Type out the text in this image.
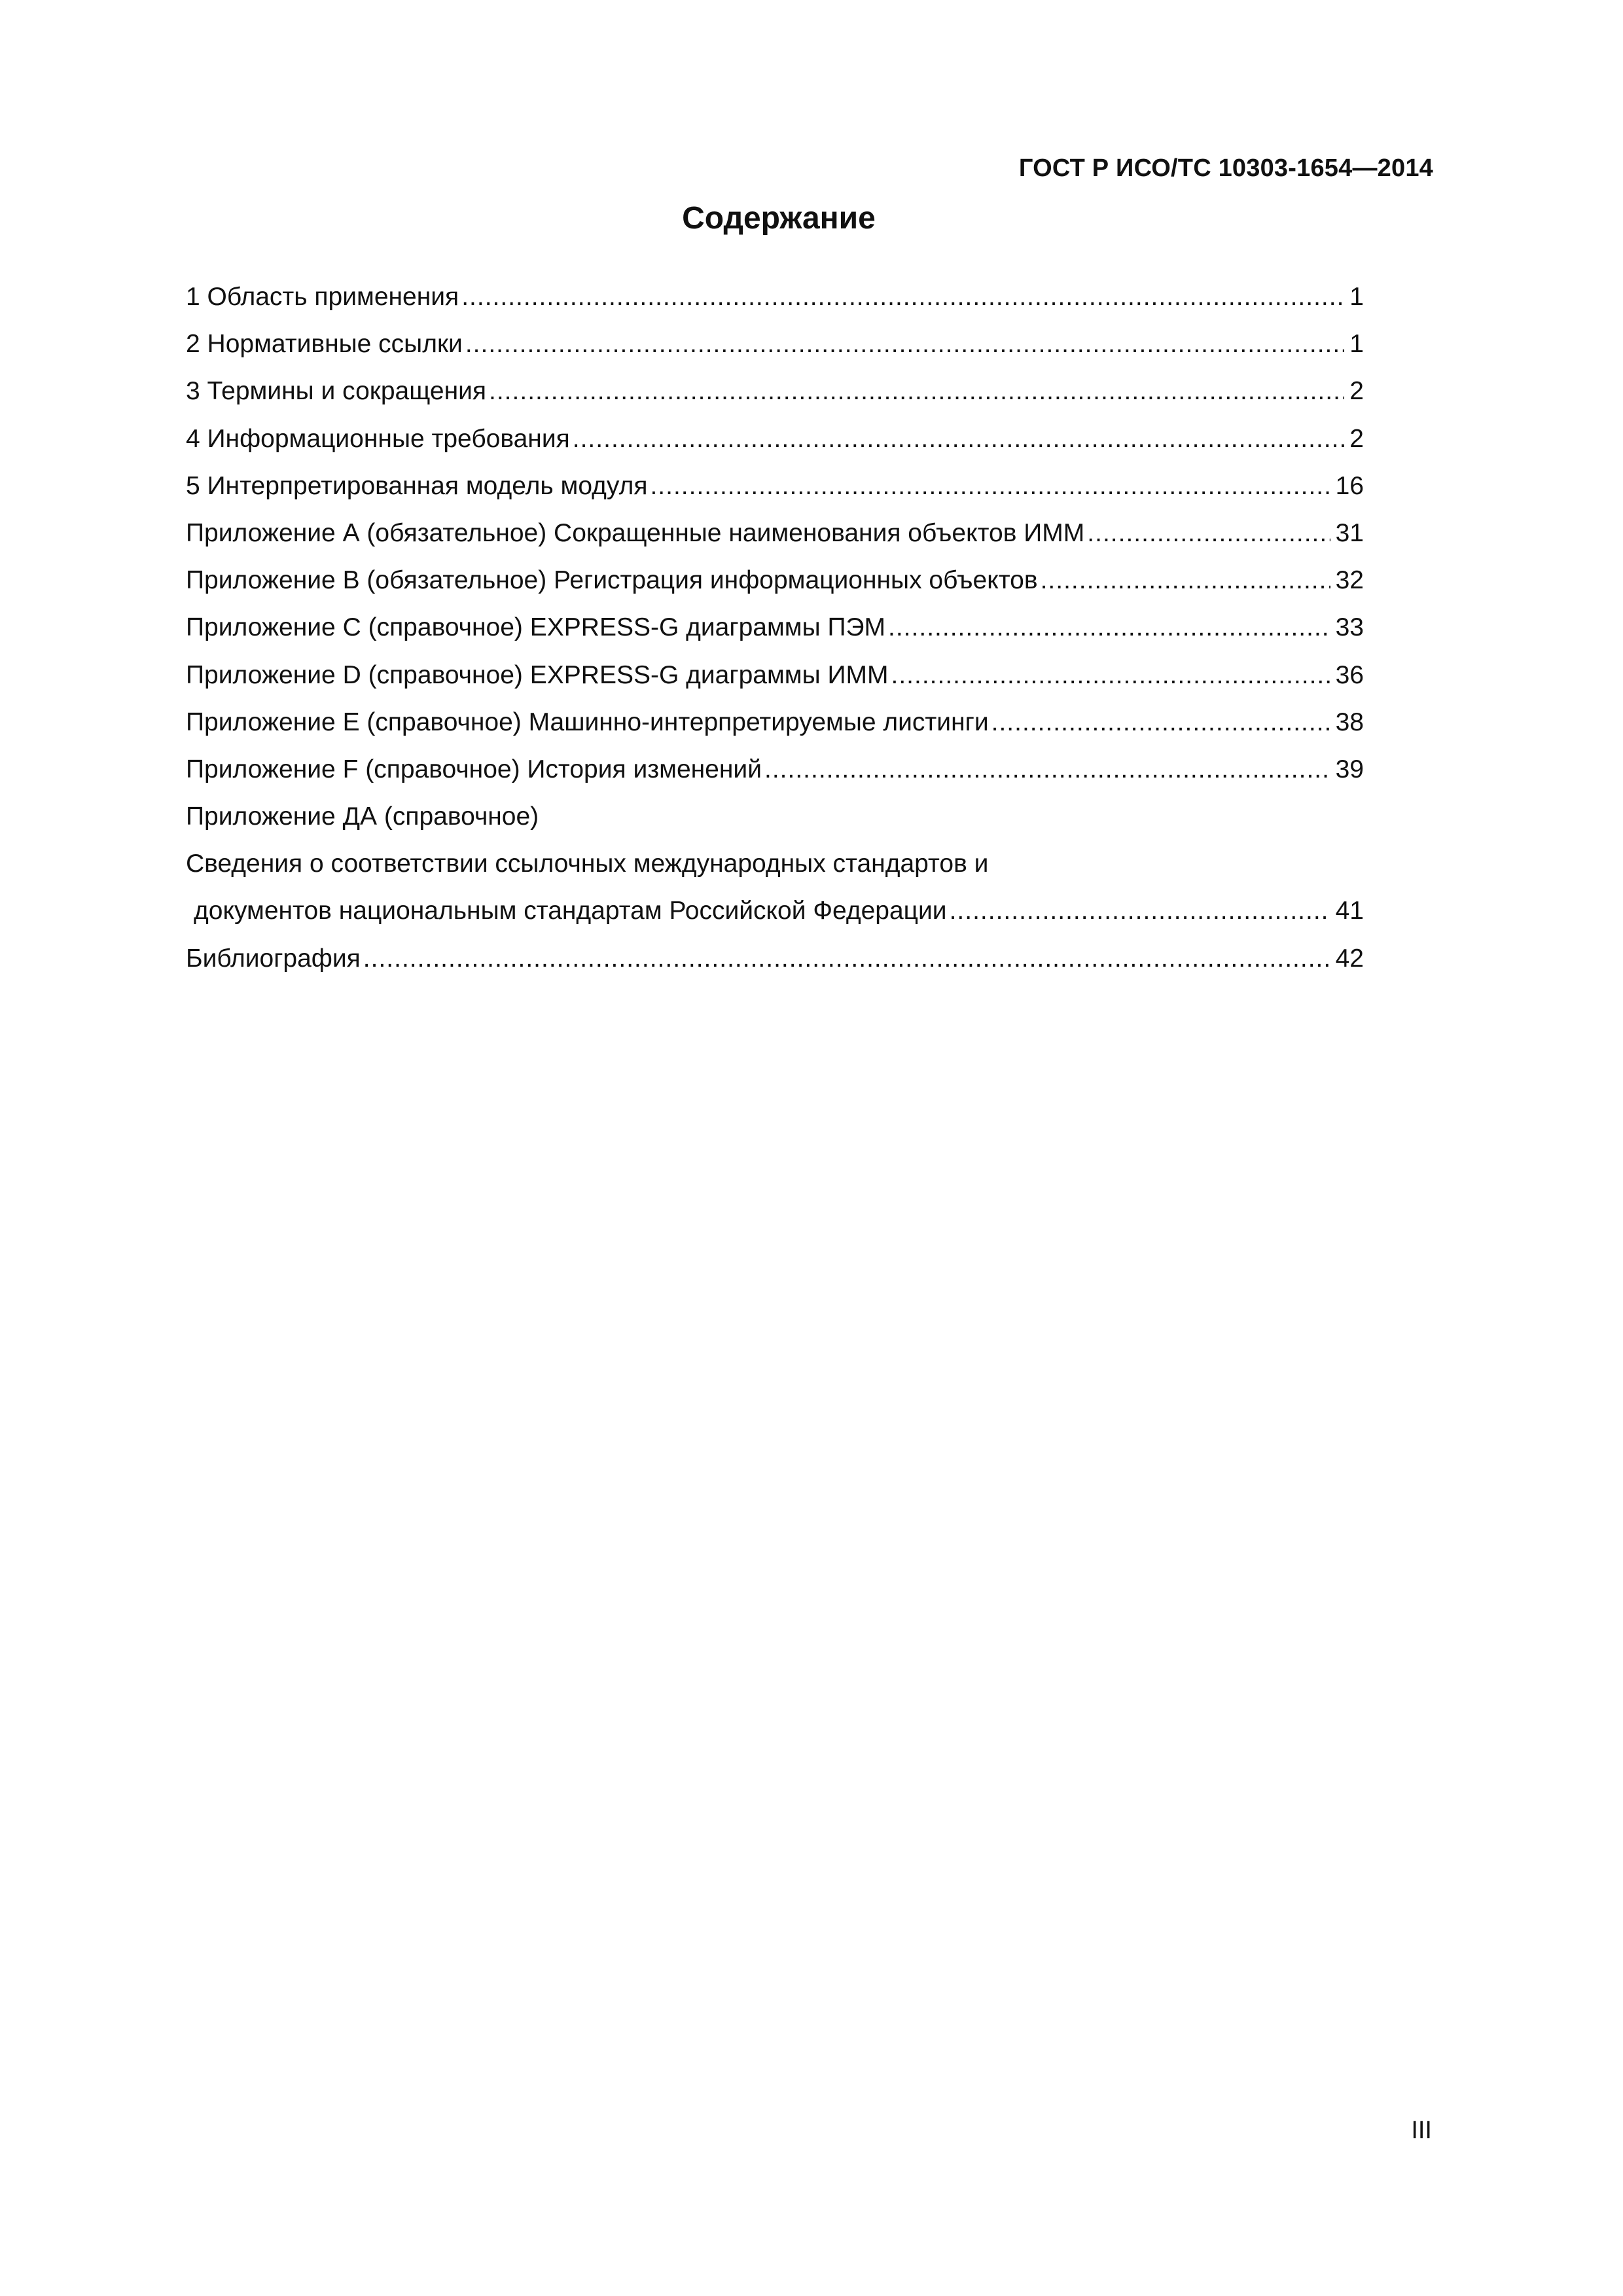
ГОСТ Р ИСО/ТС 10303-1654—2014
Содержание
1 Область применения .....	1
2 Нормативные ссылки .....	1
3 Термины и сокращения .....	2
4 Информационные требования .....	2
5 Интерпретированная модель модуля .....	16
Приложение А (обязательное) Сокращенные наименования объектов ИММ .....	31
Приложение В (обязательное) Регистрация информационных объектов .....	32
Приложение С (справочное) EXPRESS-G диаграммы ПЭМ .....	33
Приложение D (справочное) EXPRESS-G диаграммы ИММ .....	36
Приложение Е (справочное) Машинно-интерпретируемые листинги .....	38
Приложение F (справочное) История изменений .....	39
Приложение ДА (справочное)
Сведения о соответствии ссылочных международных стандартов и
документов национальным стандартам Российской Федерации .....	41
Библиография .....	42
III
